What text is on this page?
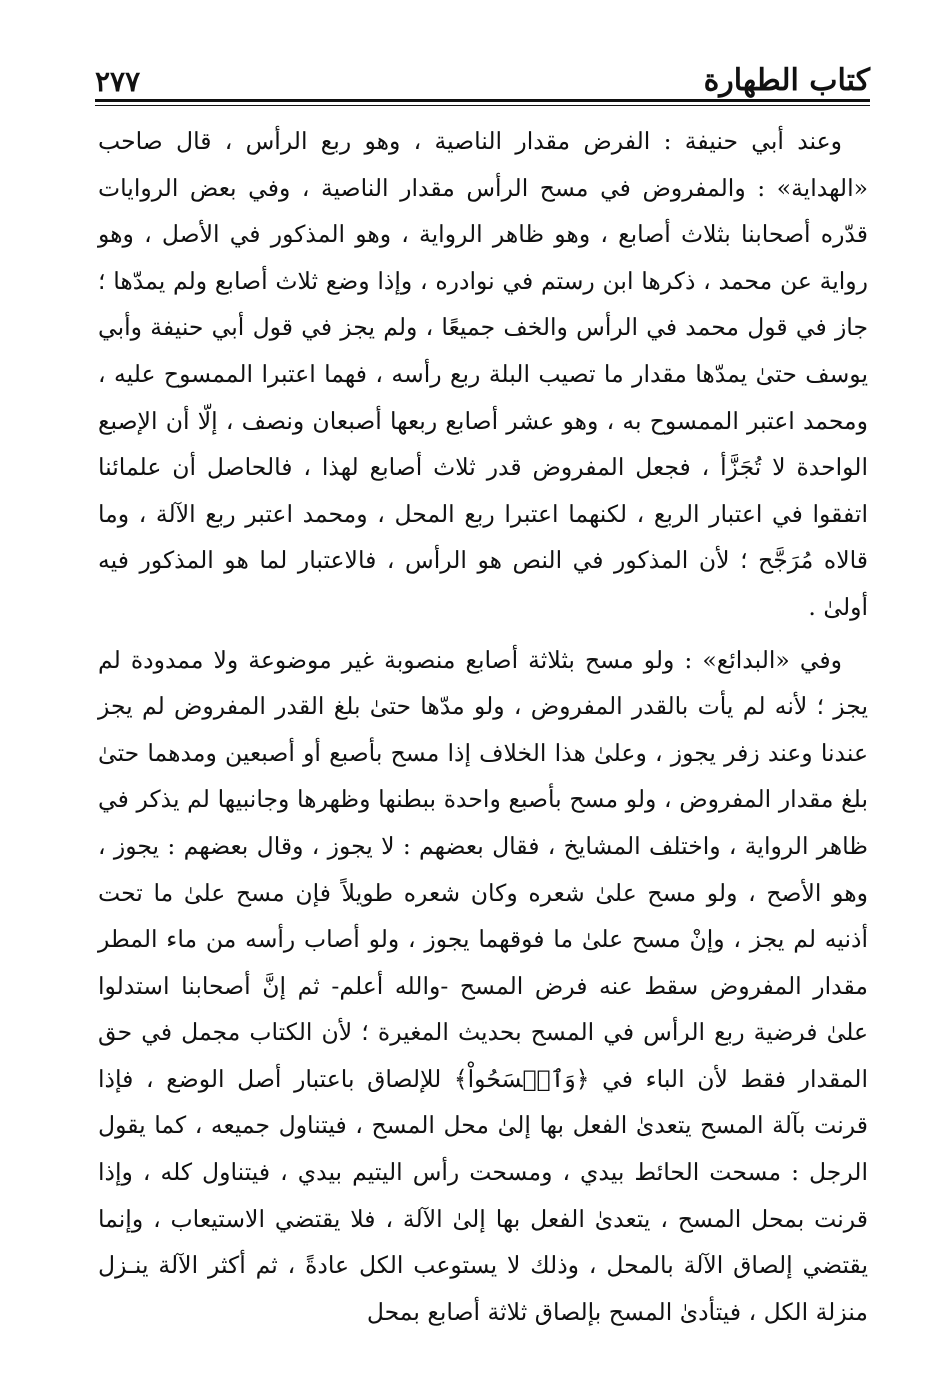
كتاب الطهارة
٢٧٧

وعند أبي حنيفة : الفرض مقدار الناصية ، وهو ربع الرأس ، قال صاحب «الهداية» : والمفروض في مسح الرأس مقدار الناصية ، وفي بعض الروايات قدّره أصحابنا بثلاث أصابع ، وهو ظاهر الرواية ، وهو المذكور في الأصل ، وهو رواية عن محمد ، ذكرها ابن رستم في نوادره ، وإذا وضع ثلاث أصابع ولم يمدّها ؛ جاز في قول محمد في الرأس والخف جميعًا ، ولم يجز في قول أبي حنيفة وأبي يوسف حتىٰ يمدّها مقدار ما تصيب البلة ربع رأسه ، فهما اعتبرا الممسوح عليه ، ومحمد اعتبر الممسوح به ، وهو عشر أصابع ربعها أصبعان ونصف ، إلّا أن الإصبع الواحدة لا تُجَزَّأ ، فجعل المفروض قدر ثلاث أصابع لهذا ، فالحاصل أن علمائنا اتفقوا في اعتبار الربع ، لكنهما اعتبرا ربع المحل ، ومحمد اعتبر ربع الآلة ، وما قالاه مُرَجَّح ؛ لأن المذكور في النص هو الرأس ، فالاعتبار لما هو المذكور فيه أولىٰ .

وفي «البدائع» : ولو مسح بثلاثة أصابع منصوبة غير موضوعة ولا ممدودة لم يجز ؛ لأنه لم يأت بالقدر المفروض ، ولو مدّها حتىٰ بلغ القدر المفروض لم يجز عندنا وعند زفر يجوز ، وعلىٰ هذا الخلاف إذا مسح بأصبع أو أصبعين ومدهما حتىٰ بلغ مقدار المفروض ، ولو مسح بأصبع واحدة ببطنها وظهرها وجانبيها لم يذكر في ظاهر الرواية ، واختلف المشايخ ، فقال بعضهم : لا يجوز ، وقال بعضهم : يجوز ، وهو الأصح ، ولو مسح علىٰ شعره وكان شعره طويلاً فإن مسح علىٰ ما تحت أذنيه لم يجز ، وإنْ مسح علىٰ ما فوقهما يجوز ، ولو أصاب رأسه من ماء المطر مقدار المفروض سقط عنه فرض المسح -والله أعلم- ثم إنَّ أصحابنا استدلوا علىٰ فرضية ربع الرأس في المسح بحديث المغيرة ؛ لأن الكتاب مجمل في حق المقدار فقط لأن الباء في ﴿وَٱمۡسَحُواْ﴾ للإلصاق باعتبار أصل الوضع ، فإذا قرنت بآلة المسح يتعدىٰ الفعل بها إلىٰ محل المسح ، فيتناول جميعه ، كما يقول الرجل : مسحت الحائط بيدي ، ومسحت رأس اليتيم بيدي ، فيتناول كله ، وإذا قرنت بمحل المسح ، يتعدىٰ الفعل بها إلىٰ الآلة ، فلا يقتضي الاستيعاب ، وإنما يقتضي إلصاق الآلة بالمحل ، وذلك لا يستوعب الكل عادةً ، ثم أكثر الآلة ينـزل منزلة الكل ، فيتأدىٰ المسح بإلصاق ثلاثة أصابع بمحل
